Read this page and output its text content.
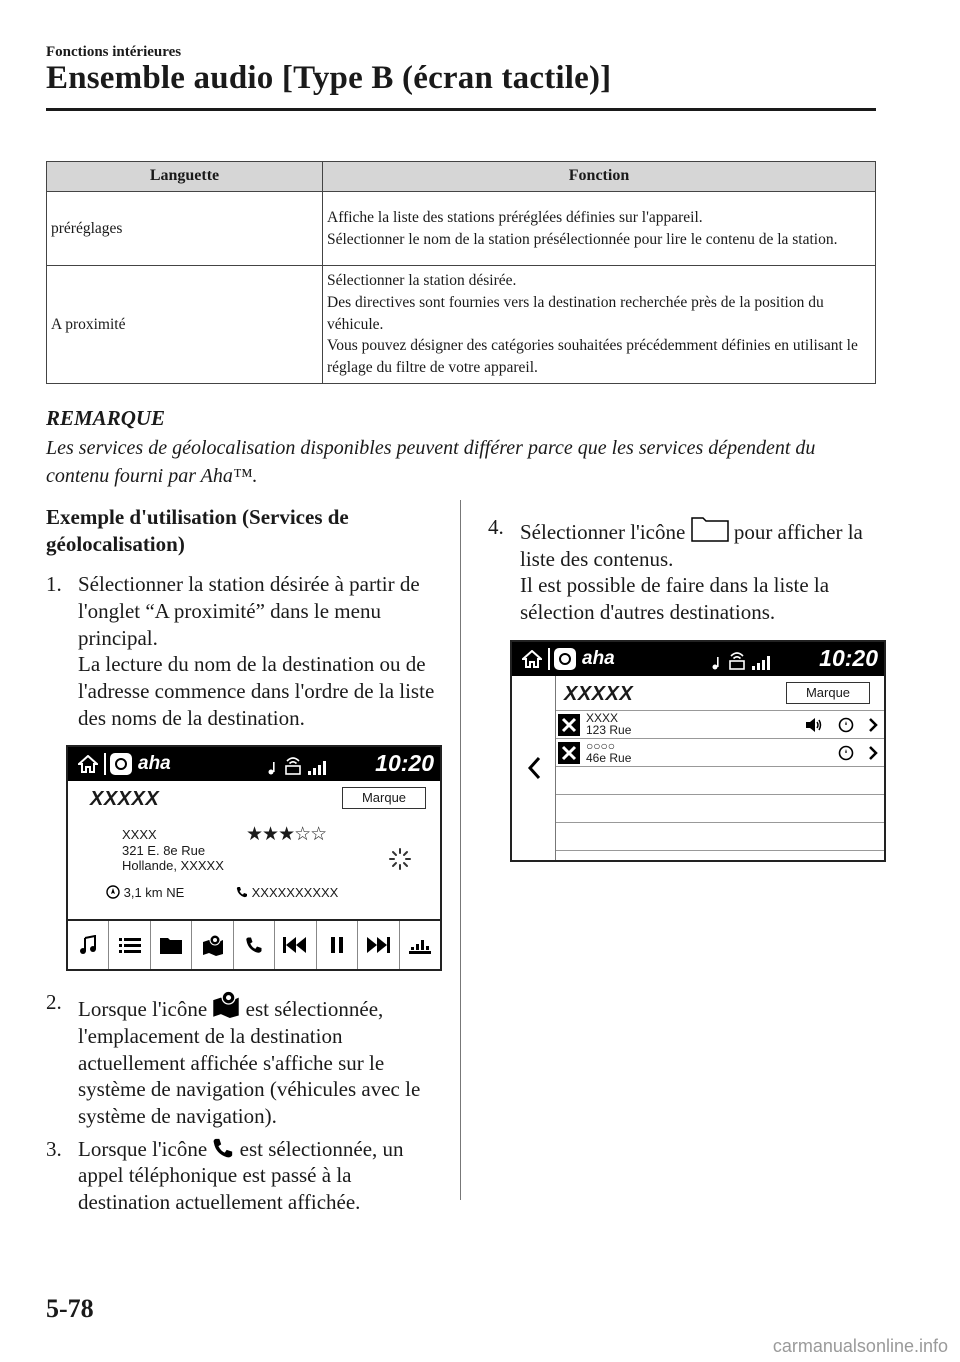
Fonctions intérieures
Ensemble audio [Type B (écran tactile)]
Languette	Fonction
préréglages	Affiche la liste des stations préréglées définies sur l'appareil.

Sélectionner le nom de la station présélectionnée pour lire le contenu de la station.

A proximité	Sélectionner la station désirée.

Des directives sont fournies vers la destination recherchée près de la position du véhicule.

Vous pouvez désigner des catégories souhaitées précédemment définies en utilisant le réglage du filtre de votre appareil.

REMARQUE
Les services de géolocalisation disponibles peuvent différer parce que les services dépendent du contenu fourni par Aha™.
Exemple d'utilisation (Services de géolocalisation)
1. Sélectionner la station désirée à partir de l'onglet “A proximité” dans le menu principal.

La lecture du nom de la destination ou de l'adresse commence dans l'ordre de la liste des noms de la destination.

aha
	10:20
XXXXX	Marque
XXXX
321 E. 8e Rue
Hollande, XXXXX
★★★☆☆
3,1 km NE	XXXXXXXXXX
2. Lorsque l'icône est sélectionnée, l'emplacement de la destination actuellement affichée s'affiche sur le système de navigation (véhicules avec le système de navigation).

3. Lorsque l'icône est sélectionnée, un appel téléphonique est passé à la destination actuellement affichée.

4. Sélectionner l'icône pour afficher la liste des contenus.

Il est possible de faire dans la liste la sélection d'autres destinations.

aha
	10:20
XXXXX	Marque
XXXX
123 Rue
○○○○
46e Rue
5-78
carmanualsonline.info
